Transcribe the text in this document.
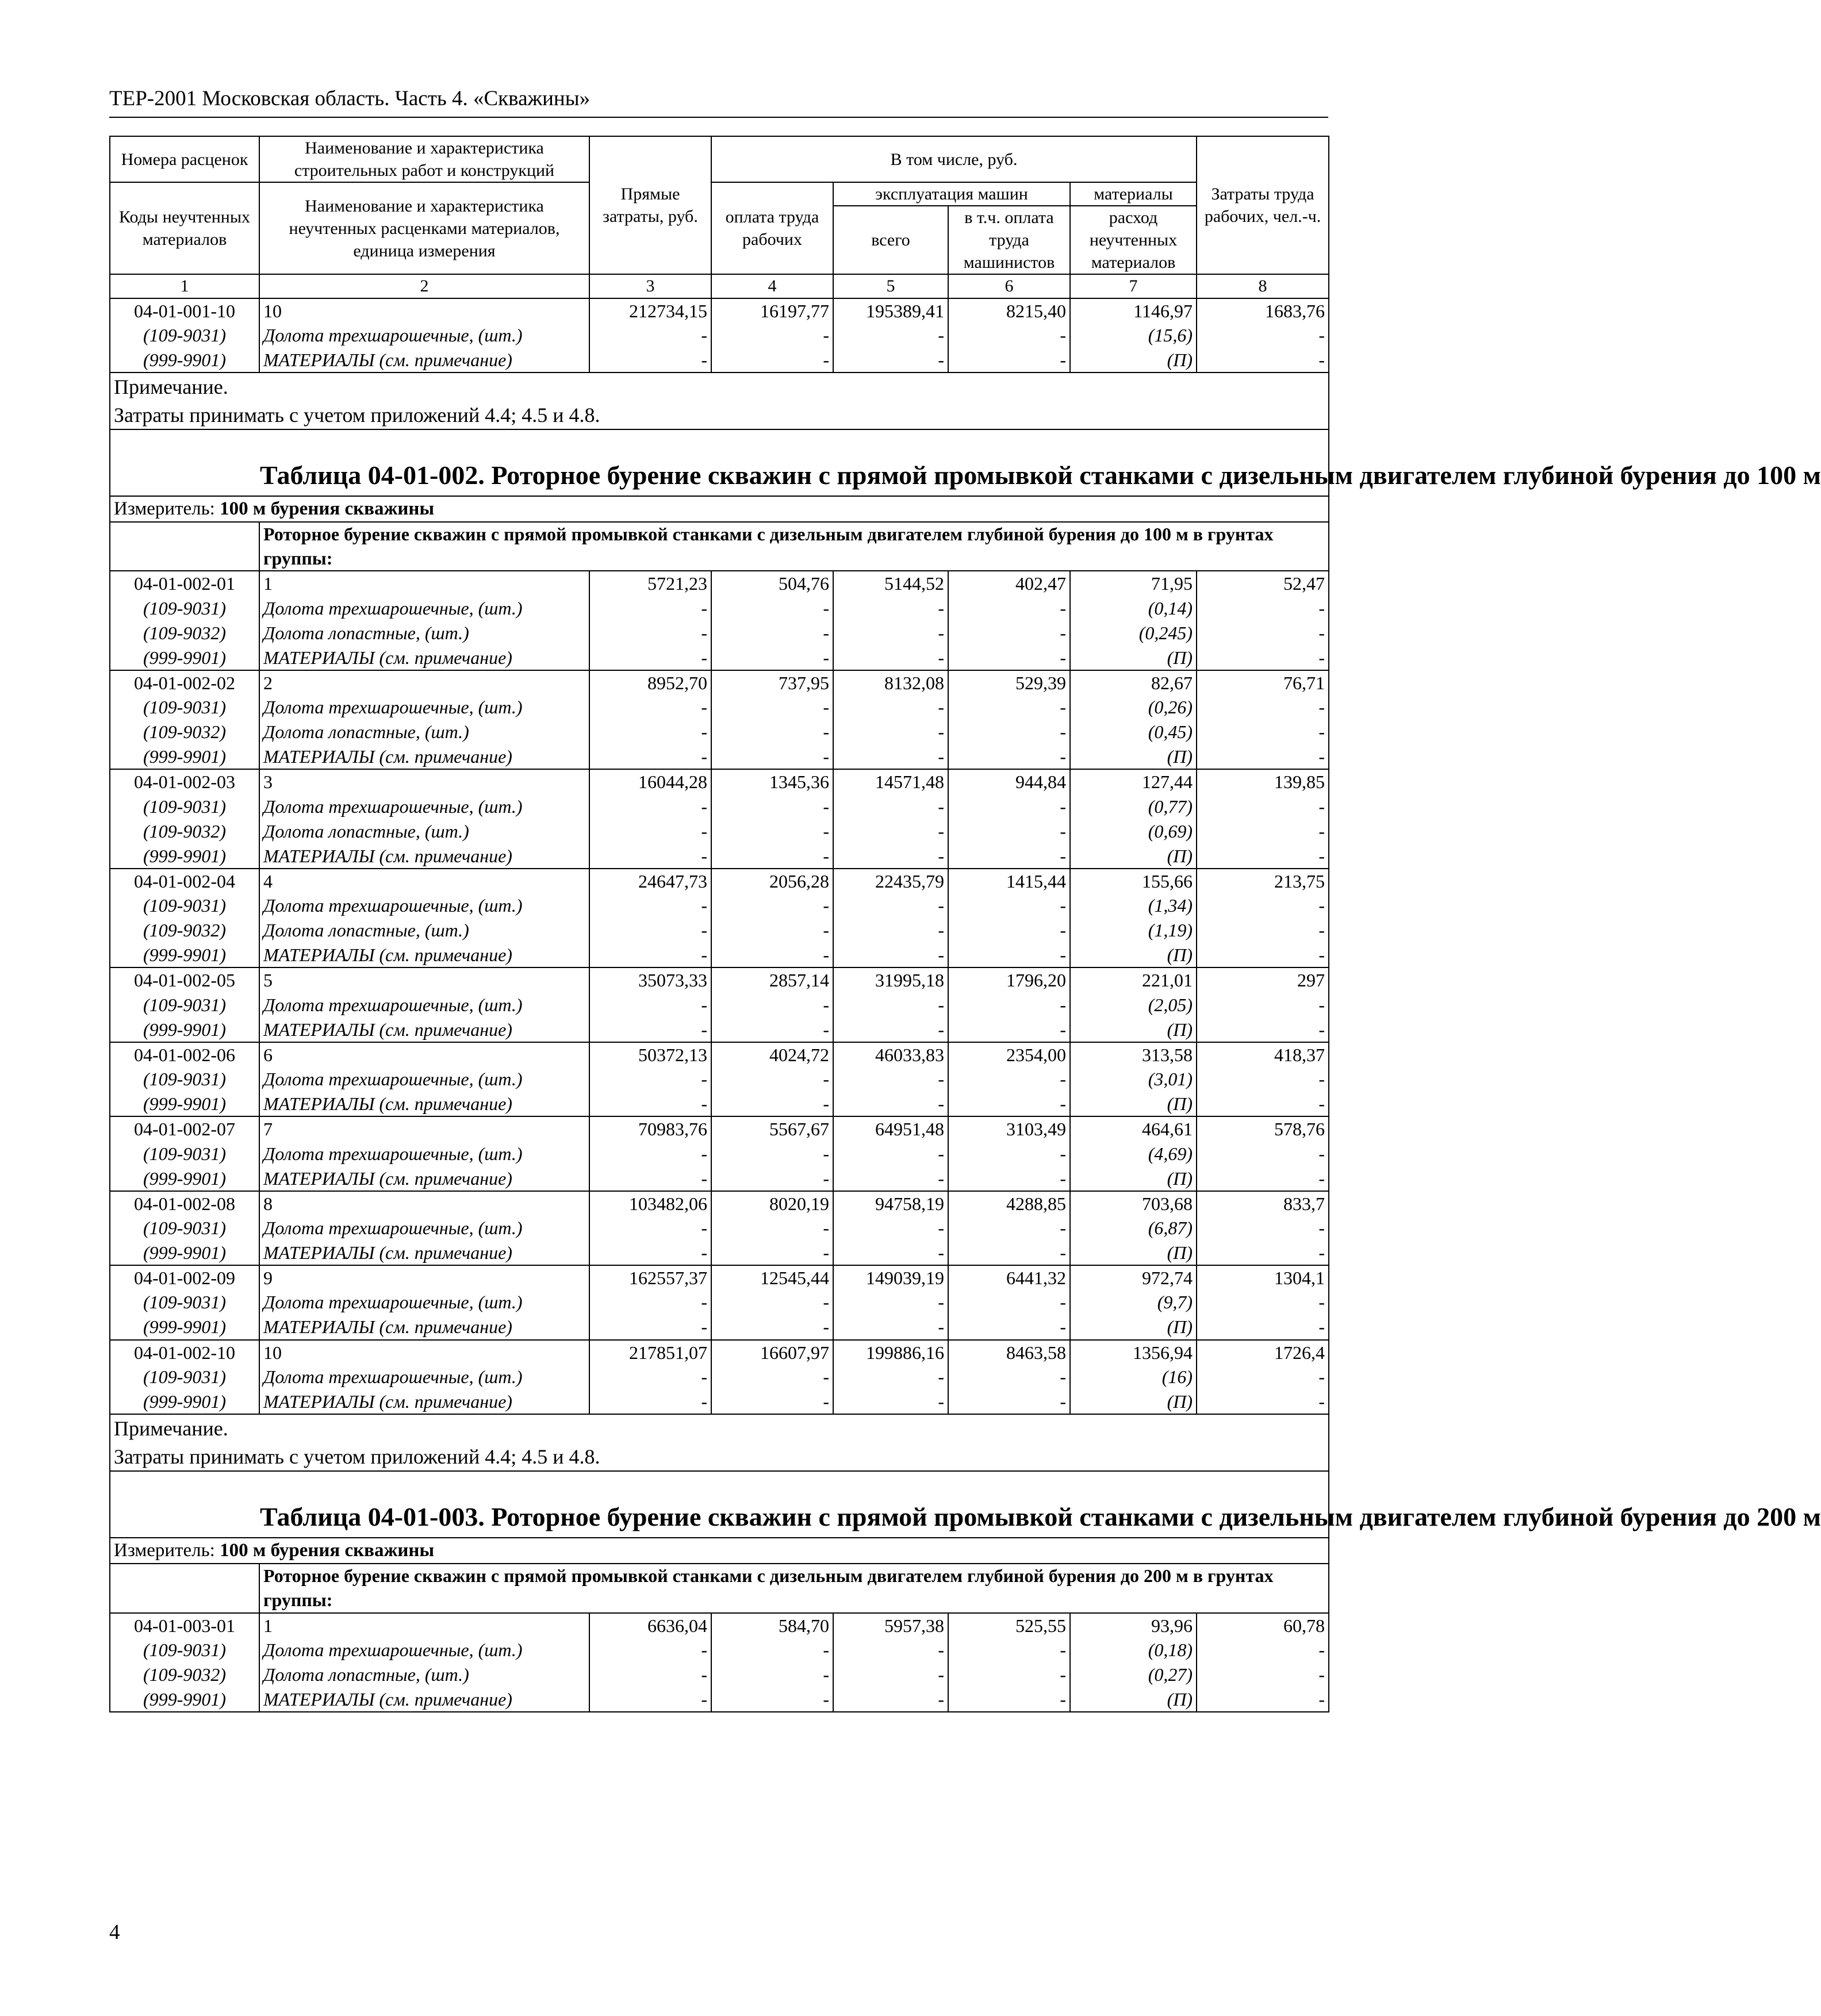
ТЕР-2001 Московская область. Часть 4. «Скважины»
Номера расценок	Наименование и характеристика строительных работ и конструкций	Прямые затраты, руб.	В том числе, руб.				Затраты труда рабочих, чел.-ч.
Коды неучтенных материалов	Наименование и характеристика неучтенных расценками материалов, единица измерения		оплата труда рабочих	эксплуатация машин		материалы	
				всего	в т.ч. оплата труда машинистов	расход неучтенных материалов	
1	2	3	4	5	6	7	8
04-01-001-10	10	212734,15	16197,77	195389,41	8215,40	1146,97	1683,76
(109-9031)	Долота трехшарошечные, (шт.)	-	-	-	-	(15,6)	-
(999-9901)	МАТЕРИАЛЫ (см. примечание)	-	-	-	-	(П)	-

Примечание.
Затраты принимать с учетом приложений 4.4; 4.5 и 4.8.							

Таблица 04-01-002. Роторное бурение скважин с прямой промывкой станками с дизельным двигателем глубиной бурения до 100 м							
Измеритель: 100 м бурения скважины							
	Роторное бурение скважин с прямой промывкой станками с дизельным двигателем глубиной бурения до 100 м в грунтах группы:						
04-01-002-01	1	5721,23	504,76	5144,52	402,47	71,95	52,47
(109-9031)	Долота трехшарошечные, (шт.)	-	-	-	-	(0,14)	-
(109-9032)	Долота лопастные, (шт.)	-	-	-	-	(0,245)	-
(999-9901)	МАТЕРИАЛЫ (см. примечание)	-	-	-	-	(П)	-
04-01-002-02	2	8952,70	737,95	8132,08	529,39	82,67	76,71
(109-9031)	Долота трехшарошечные, (шт.)	-	-	-	-	(0,26)	-
(109-9032)	Долота лопастные, (шт.)	-	-	-	-	(0,45)	-
(999-9901)	МАТЕРИАЛЫ (см. примечание)	-	-	-	-	(П)	-
04-01-002-03	3	16044,28	1345,36	14571,48	944,84	127,44	139,85
(109-9031)	Долота трехшарошечные, (шт.)	-	-	-	-	(0,77)	-
(109-9032)	Долота лопастные, (шт.)	-	-	-	-	(0,69)	-
(999-9901)	МАТЕРИАЛЫ (см. примечание)	-	-	-	-	(П)	-
04-01-002-04	4	24647,73	2056,28	22435,79	1415,44	155,66	213,75
(109-9031)	Долота трехшарошечные, (шт.)	-	-	-	-	(1,34)	-
(109-9032)	Долота лопастные, (шт.)	-	-	-	-	(1,19)	-
(999-9901)	МАТЕРИАЛЫ (см. примечание)	-	-	-	-	(П)	-
04-01-002-05	5	35073,33	2857,14	31995,18	1796,20	221,01	297
(109-9031)	Долота трехшарошечные, (шт.)	-	-	-	-	(2,05)	-
(999-9901)	МАТЕРИАЛЫ (см. примечание)	-	-	-	-	(П)	-
04-01-002-06	6	50372,13	4024,72	46033,83	2354,00	313,58	418,37
(109-9031)	Долота трехшарошечные, (шт.)	-	-	-	-	(3,01)	-
(999-9901)	МАТЕРИАЛЫ (см. примечание)	-	-	-	-	(П)	-
04-01-002-07	7	70983,76	5567,67	64951,48	3103,49	464,61	578,76
(109-9031)	Долота трехшарошечные, (шт.)	-	-	-	-	(4,69)	-
(999-9901)	МАТЕРИАЛЫ (см. примечание)	-	-	-	-	(П)	-
04-01-002-08	8	103482,06	8020,19	94758,19	4288,85	703,68	833,7
(109-9031)	Долота трехшарошечные, (шт.)	-	-	-	-	(6,87)	-
(999-9901)	МАТЕРИАЛЫ (см. примечание)	-	-	-	-	(П)	-
04-01-002-09	9	162557,37	12545,44	149039,19	6441,32	972,74	1304,1
(109-9031)	Долота трехшарошечные, (шт.)	-	-	-	-	(9,7)	-
(999-9901)	МАТЕРИАЛЫ (см. примечание)	-	-	-	-	(П)	-
04-01-002-10	10	217851,07	16607,97	199886,16	8463,58	1356,94	1726,4
(109-9031)	Долота трехшарошечные, (шт.)	-	-	-	-	(16)	-
(999-9901)	МАТЕРИАЛЫ (см. примечание)	-	-	-	-	(П)	-

Примечание.
Затраты принимать с учетом приложений 4.4; 4.5 и 4.8.							

Таблица 04-01-003. Роторное бурение скважин с прямой промывкой станками с дизельным двигателем глубиной бурения до 200 м							
Измеритель: 100 м бурения скважины							
	Роторное бурение скважин с прямой промывкой станками с дизельным двигателем глубиной бурения до 200 м в грунтах группы:						
04-01-003-01	1	6636,04	584,70	5957,38	525,55	93,96	60,78
(109-9031)	Долота трехшарошечные, (шт.)	-	-	-	-	(0,18)	-
(109-9032)	Долота лопастные, (шт.)	-	-	-	-	(0,27)	-
(999-9901)	МАТЕРИАЛЫ (см. примечание)	-	-	-	-	(П)	-
4
